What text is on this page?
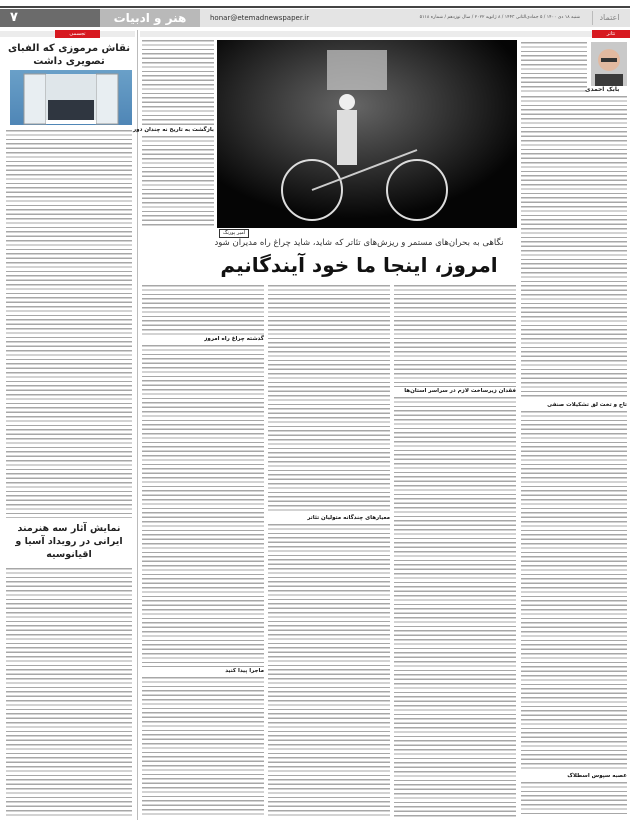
۷	هنر و ادبیات	honar@etemadnewspaper.ir	شنبه ۱۸ دی ۱۴۰۰ / ۵ جمادی‌الثانی ۱۴۴۳ / ۸ ژانویه ۲۰۲۲ / سال نوزدهم / شماره ۵۱۱۸	اعتماد
تئاتر
تجسمی
نقاش مرموزی که الفبای تصویری داشت
نمایش آثار سه هنرمند ایرانی در رویداد آسیا و اقیانوسیه
بازگشت به تاریخ نه چندان دور
امیر پورنگ
نگاهی به بحران‌های مستمر و ریزش‌های تئاتر که شاید، شاید چراغ راه مدیران شود
امروز، اینجا ما خود آیندگانیم
گذشته چراغ راه امروز
ماجرا پیدا کنید
معیارهای چندگانه متولیان تئاتر
فقدان زیرساخت لازم در سراسر استان‌ها
بابک احمدی
تاج و تخت لق تشکیلات صنفی
عصبه سپوس اسطلاک
